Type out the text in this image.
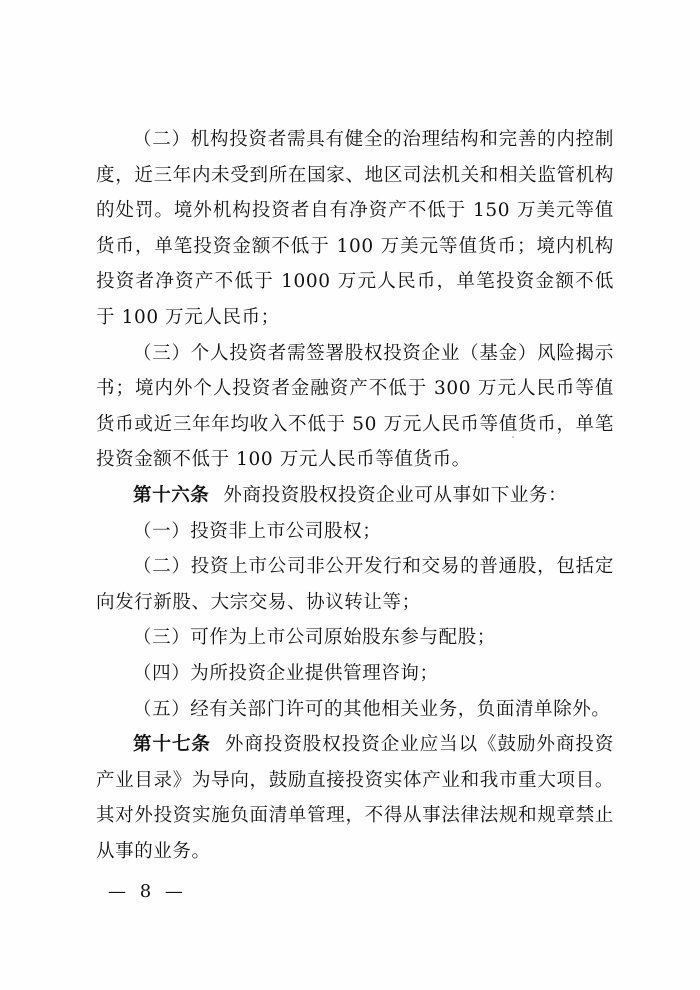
（二）机构投资者需具有健全的治理结构和完善的内控制度，近三年内未受到所在国家、地区司法机关和相关监管机构的处罚。境外机构投资者自有净资产不低于 150 万美元等值货币，单笔投资金额不低于 100 万美元等值货币；境内机构投资者净资产不低于 1000 万元人民币，单笔投资金额不低于 100 万元人民币；

（三）个人投资者需签署股权投资企业（基金）风险揭示书；境内外个人投资者金融资产不低于 300 万元人民币等值货币或近三年年均收入不低于 50 万元人民币等值货币，单笔投资金额不低于 100 万元人民币等值货币。

第十六条 外商投资股权投资企业可从事如下业务：

（一）投资非上市公司股权；

（二）投资上市公司非公开发行和交易的普通股，包括定向发行新股、大宗交易、协议转让等；

（三）可作为上市公司原始股东参与配股；

（四）为所投资企业提供管理咨询；

（五）经有关部门许可的其他相关业务，负面清单除外。

第十七条 外商投资股权投资企业应当以《鼓励外商投资产业目录》为导向，鼓励直接投资实体产业和我市重大项目。其对外投资实施负面清单管理，不得从事法律法规和规章禁止从事的业务。

— 8 —
